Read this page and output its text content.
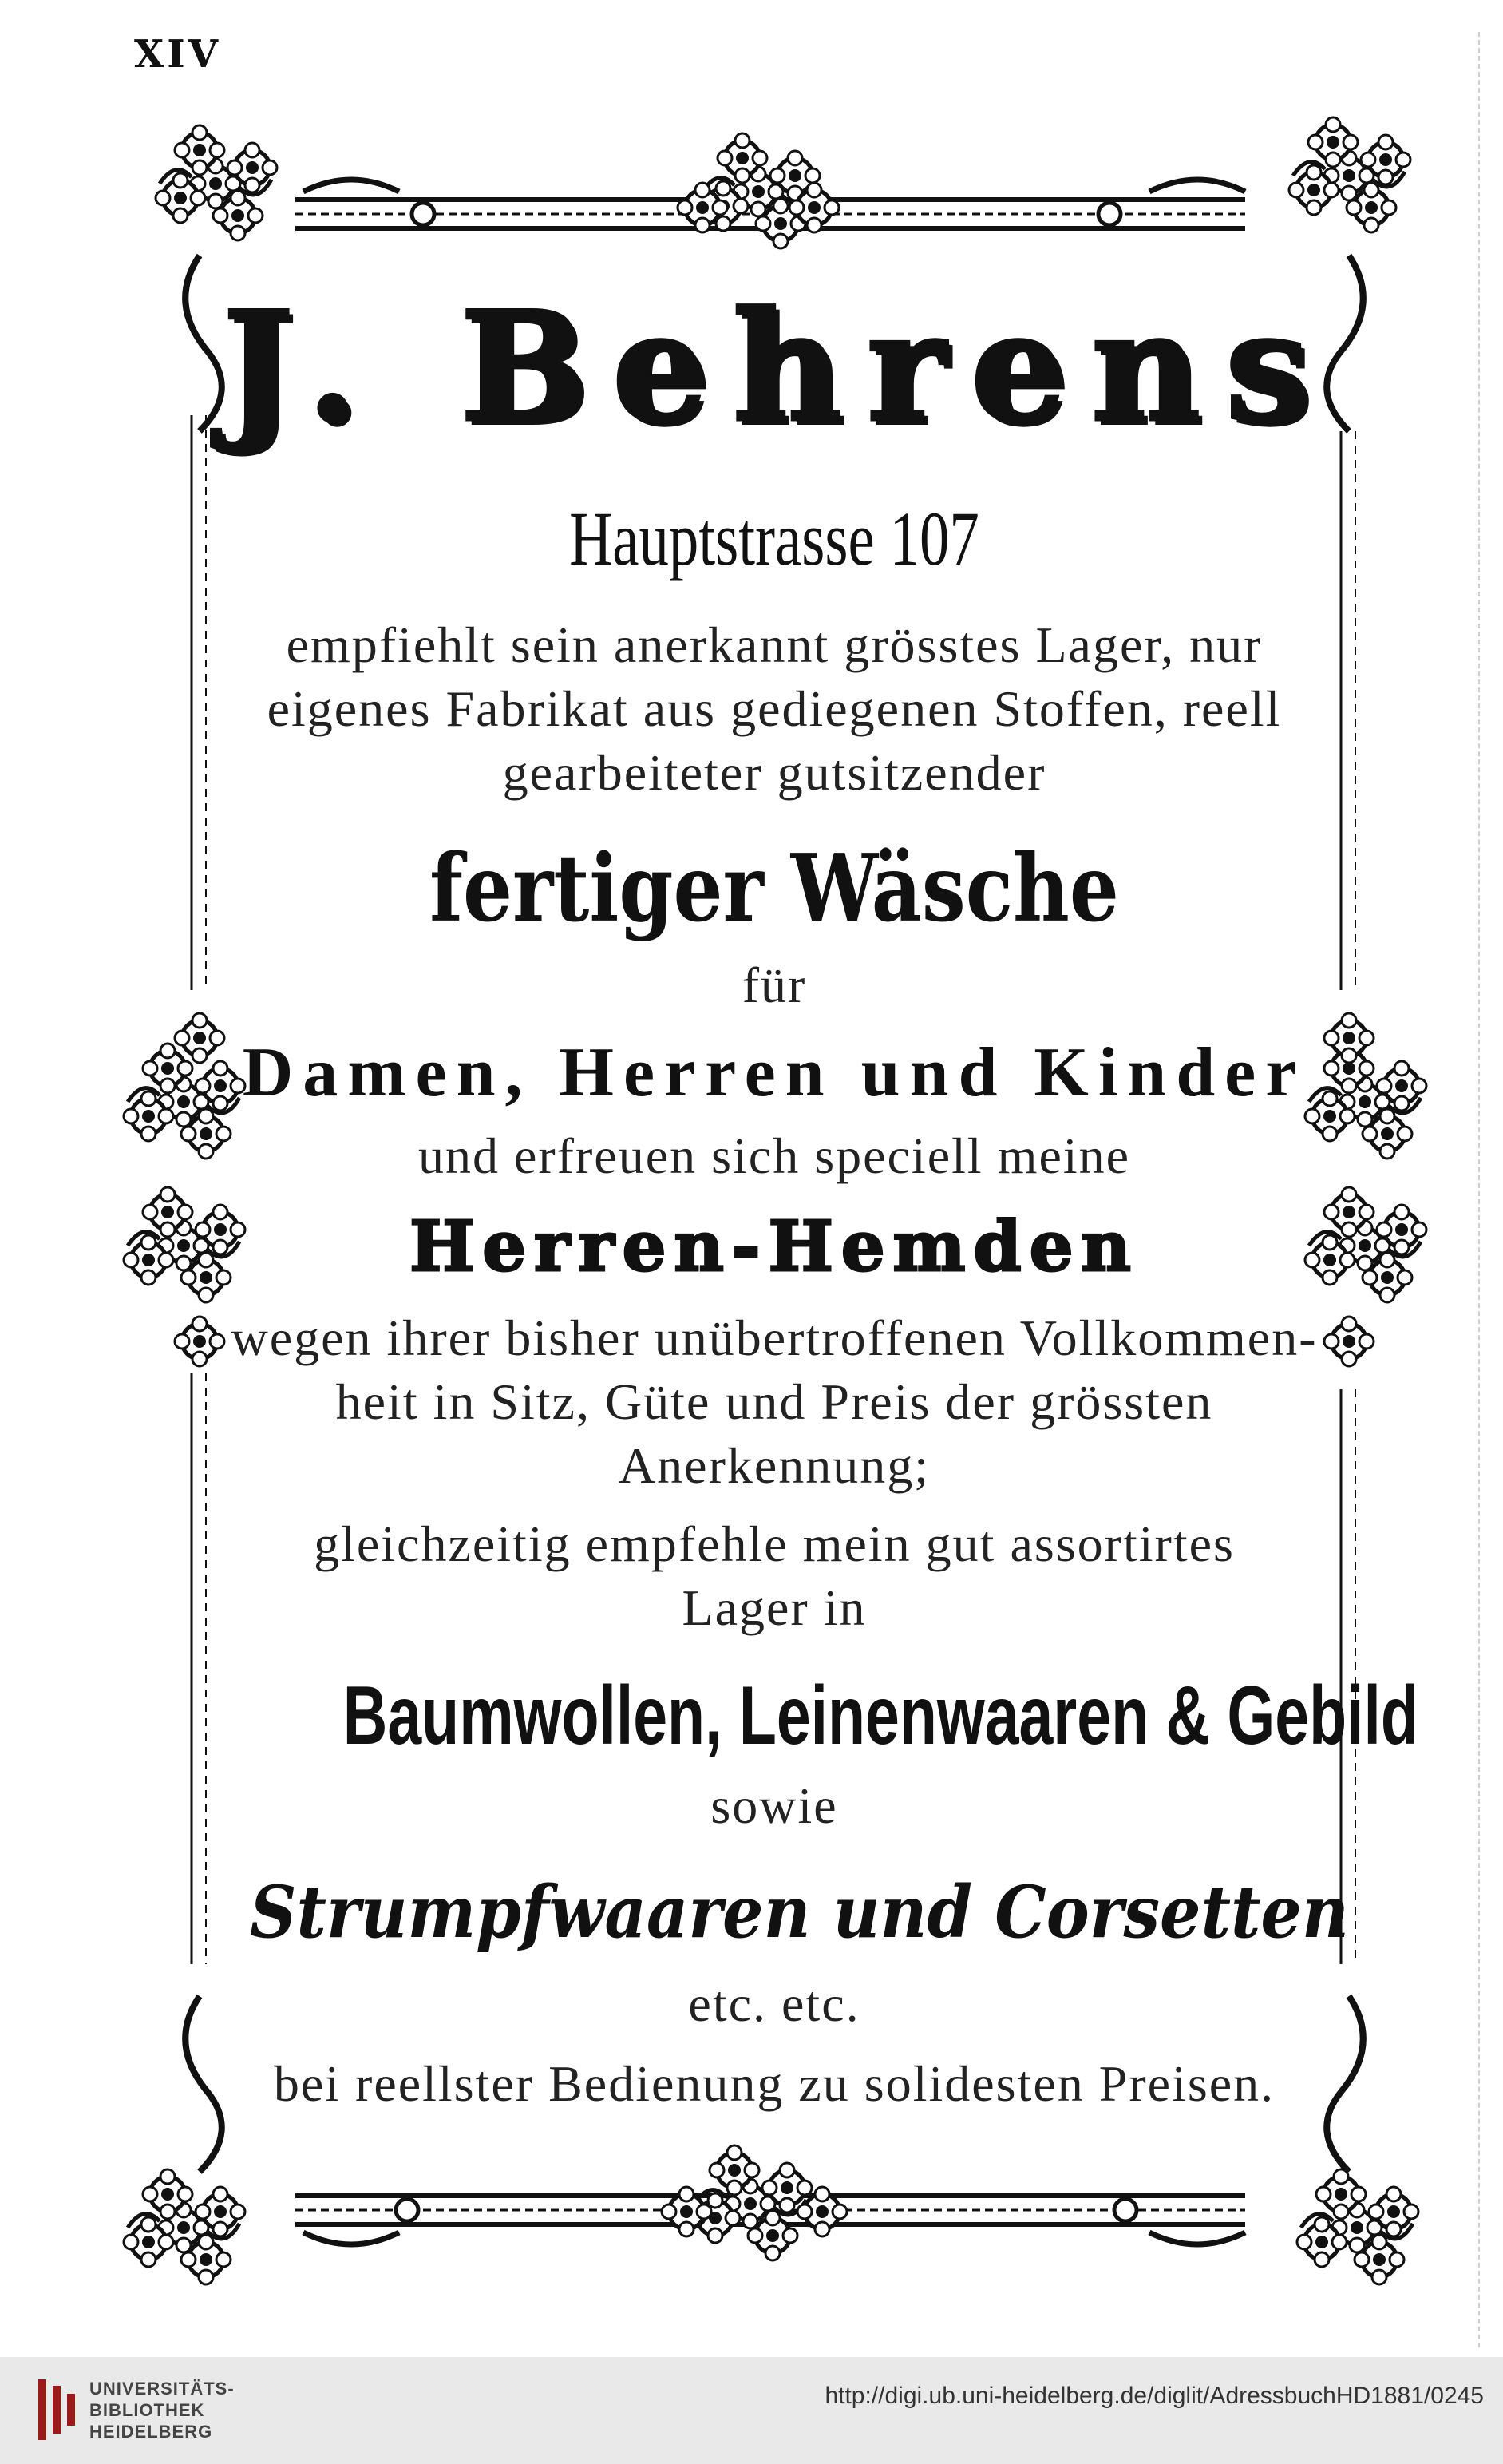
XIV
J. Behrens
Hauptstrasse 107
empfiehlt sein anerkannt grösstes Lager, nur
eigenes Fabrikat aus gediegenen Stoffen, reell
gearbeiteter gutsitzender
fertiger Wäsche
für
Damen, Herren und Kinder
und erfreuen sich speciell meine
Herren-Hemden
wegen ihrer bisher unübertroffenen Vollkommen-
heit in Sitz, Güte und Preis der grössten
Anerkennung;
gleichzeitig empfehle mein gut assortirtes
Lager in
Baumwollen, Leinenwaaren & Gebild
sowie
Strumpfwaaren und Corsetten
etc. etc.
bei reellster Bedienung zu solidesten Preisen.
UNIVERSITÄTS-
BIBLIOTHEK
HEIDELBERG
http://digi.ub.uni-heidelberg.de/diglit/AdressbuchHD1881/0245
